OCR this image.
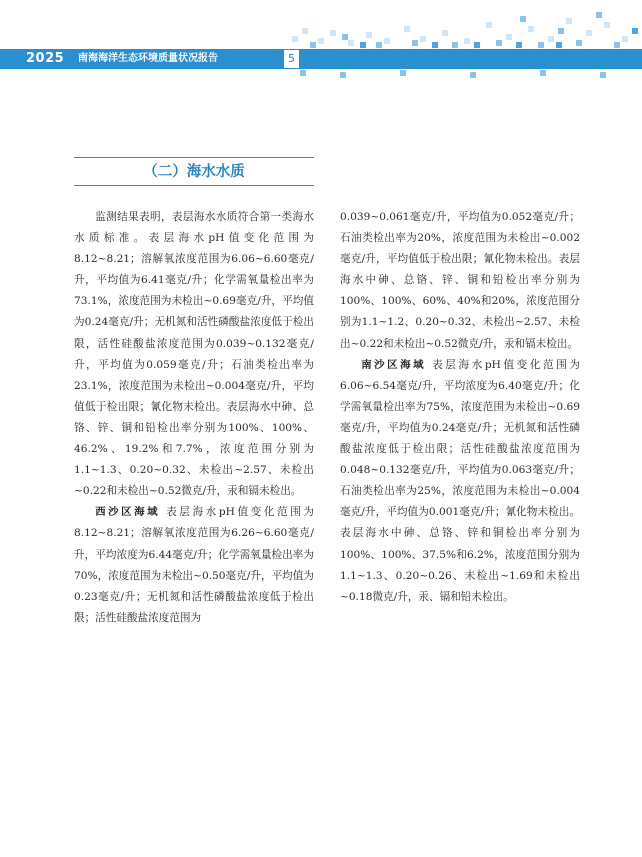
2025 南海海洋生态环境质量状况报告	5
（二）海水水质

监测结果表明，表层海水水质符合第一类海水水质标准。表层海水pH值变化范围为8.12~8.21；溶解氧浓度范围为6.06~6.60毫克/升，平均值为6.41毫克/升；化学需氧量检出率为73.1%，浓度范围为未检出~0.69毫克/升，平均值为0.24毫克/升；无机氮和活性磷酸盐浓度低于检出限，活性硅酸盐浓度范围为0.039~0.132毫克/升，平均值为0.059毫克/升；石油类检出率为23.1%，浓度范围为未检出~0.004毫克/升，平均值低于检出限；氰化物未检出。表层海水中砷、总铬、锌、铜和铅检出率分别为100%、100%、46.2%、19.2%和7.7%，浓度范围分别为1.1~1.3、0.20~0.32、未检出~2.57、未检出~0.22和未检出~0.52微克/升，汞和镉未检出。

西沙区海域 表层海水pH值变化范围为8.12~8.21；溶解氧浓度范围为6.26~6.60毫克/升，平均浓度为6.44毫克/升；化学需氧量检出率为70%，浓度范围为未检出~0.50毫克/升，平均值为0.23毫克/升；无机氮和活性磷酸盐浓度低于检出限；活性硅酸盐浓度范围为

0.039~0.061毫克/升，平均值为0.052毫克/升；石油类检出率为20%，浓度范围为未检出~0.002毫克/升，平均值低于检出限；氰化物未检出。表层海水中砷、总铬、锌、铜和铅检出率分别为100%、100%、60%、40%和20%，浓度范围分别为1.1~1.2、0.20~0.32、未检出~2.57、未检出~0.22和未检出~0.52微克/升，汞和镉未检出。

南沙区海域 表层海水pH值变化范围为6.06~6.54毫克/升，平均浓度为6.40毫克/升；化学需氧量检出率为75%，浓度范围为未检出~0.69毫克/升，平均值为0.24毫克/升；无机氮和活性磷酸盐浓度低于检出限；活性硅酸盐浓度范围为0.048~0.132毫克/升，平均值为0.063毫克/升；石油类检出率为25%，浓度范围为未检出~0.004毫克/升，平均值为0.001毫克/升；氰化物未检出。表层海水中砷、总铬、锌和铜检出率分别为100%、100%、37.5%和6.2%，浓度范围分别为1.1~1.3、0.20~0.26、未检出~1.69和未检出~0.18微克/升，汞、镉和铅未检出。
